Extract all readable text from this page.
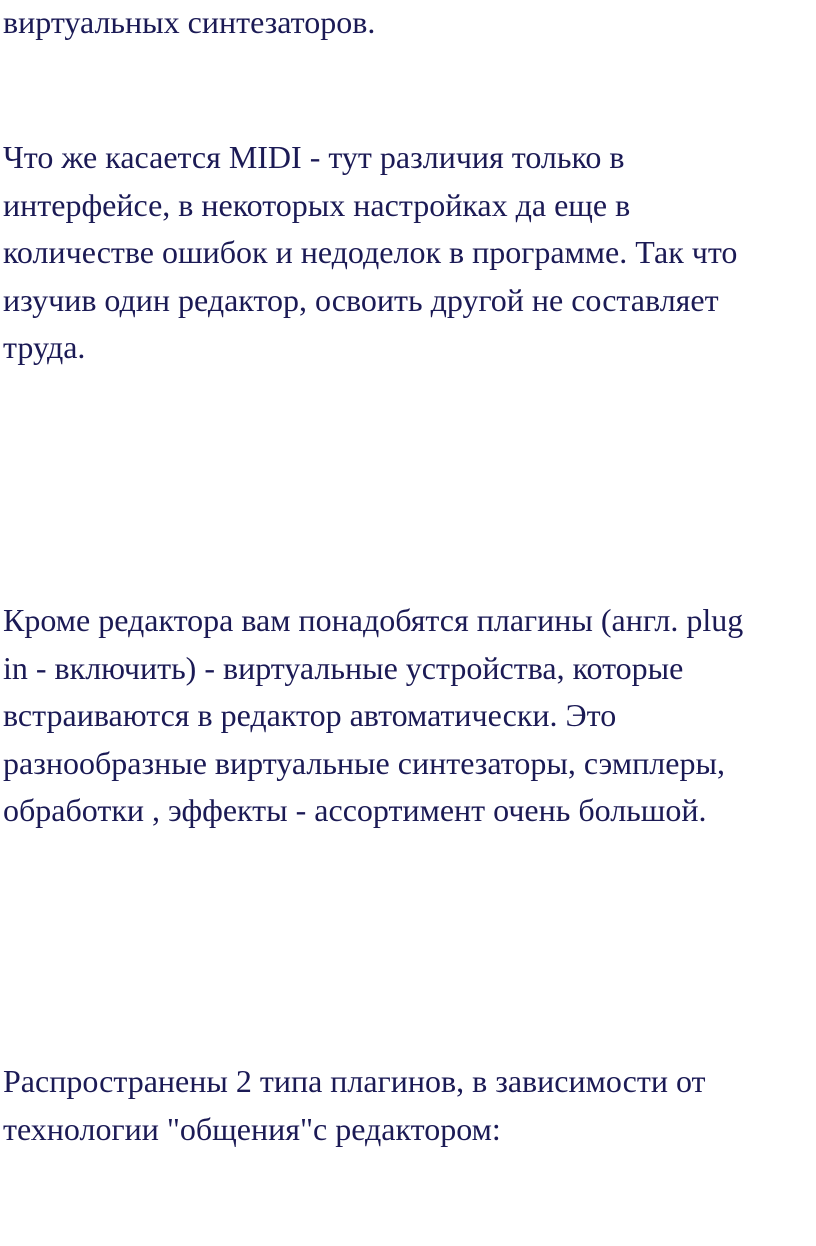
виртуальных синтезаторов.

Что же касается MIDI - тут различия только в
интерфейсе, в некоторых настройках да еще в
количестве ошибок и недоделок в программе. Так что
изучив один редактор, освоить другой не составляет
труда.

Кроме редактора вам понадобятся плагины (англ. plug
in - включить) - виртуальные устройства, которые
встраиваются в редактор автоматически. Это
разнообразные виртуальные синтезаторы, сэмплеры,
обработки , эффекты - ассортимент очень большой.

Распространены 2 типа плагинов, в зависимости от
технологии "общения"с редактором:
